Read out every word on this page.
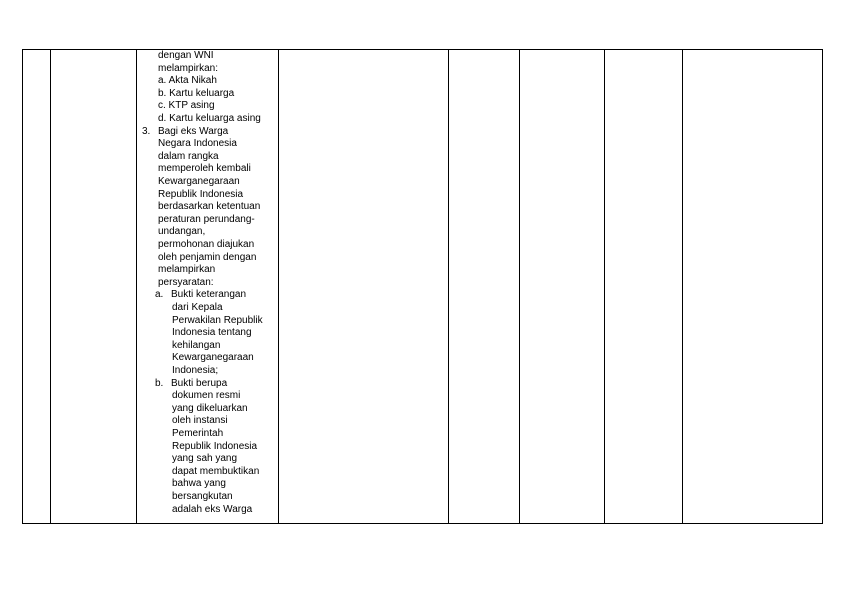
dengan WNI
melampirkan:
a. Akta Nikah
b. Kartu keluarga
c. KTP asing
d. Kartu keluarga asing
3. Bagi eks Warga
Negara Indonesia
dalam rangka
memperoleh kembali
Kewarganegaraan
Republik Indonesia
berdasarkan ketentuan
peraturan perundang-
undangan,
permohonan diajukan
oleh penjamin dengan
melampirkan
persyaratan:
a. Bukti keterangan
dari Kepala
Perwakilan Republik
Indonesia tentang
kehilangan
Kewarganegaraan
Indonesia;
b. Bukti berupa
dokumen resmi
yang dikeluarkan
oleh instansi
Pemerintah
Republik Indonesia
yang sah yang
dapat membuktikan
bahwa yang
bersangkutan
adalah eks Warga
